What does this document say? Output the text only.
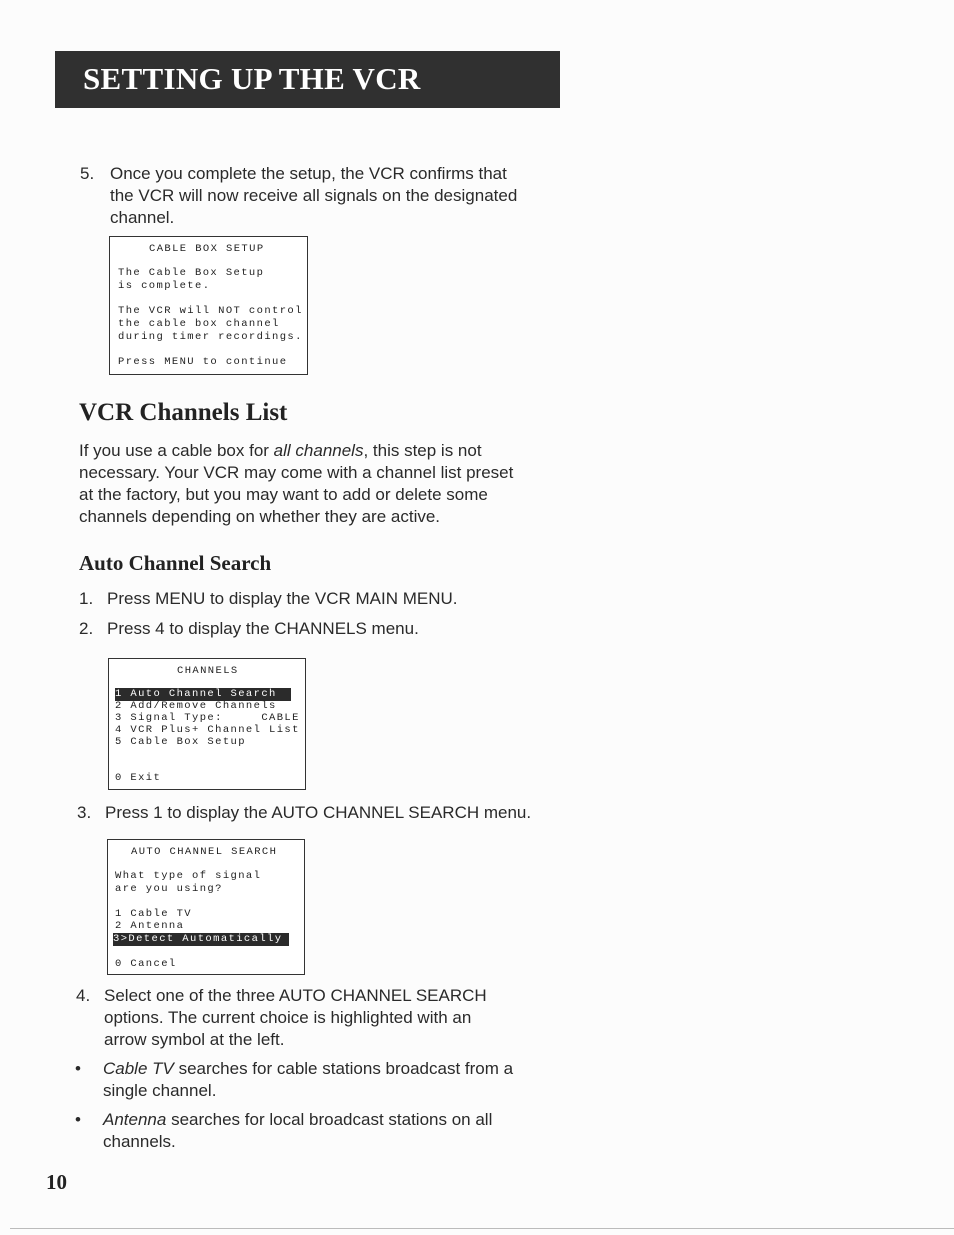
SETTING UP THE VCR
5. Once you complete the setup, the VCR confirms that
the VCR will now receive all signals on the designated
channel.
CABLE BOX SETUP
The Cable Box Setup
is complete.
The VCR will NOT control
the cable box channel
during timer recordings.
Press MENU to continue
VCR Channels List
If you use a cable box for all channels, this step is not
necessary. Your VCR may come with a channel list preset
at the factory, but you may want to add or delete some
channels depending on whether they are active.
Auto Channel Search
1. Press MENU to display the VCR MAIN MENU.
2. Press 4 to display the CHANNELS menu.
CHANNELS
1 Auto Channel Search
2 Add/Remove Channels
3 Signal Type:     CABLE
4 VCR Plus+ Channel List
5 Cable Box Setup
0 Exit
3. Press 1 to display the AUTO CHANNEL SEARCH menu.
AUTO CHANNEL SEARCH
What type of signal
are you using?
1 Cable TV
2 Antenna
3>Detect Automatically
0 Cancel
4. Select one of the three AUTO CHANNEL SEARCH
options. The current choice is highlighted with an
arrow symbol at the left.
• Cable TV searches for cable stations broadcast from a
single channel.
• Antenna searches for local broadcast stations on all
channels.

10
